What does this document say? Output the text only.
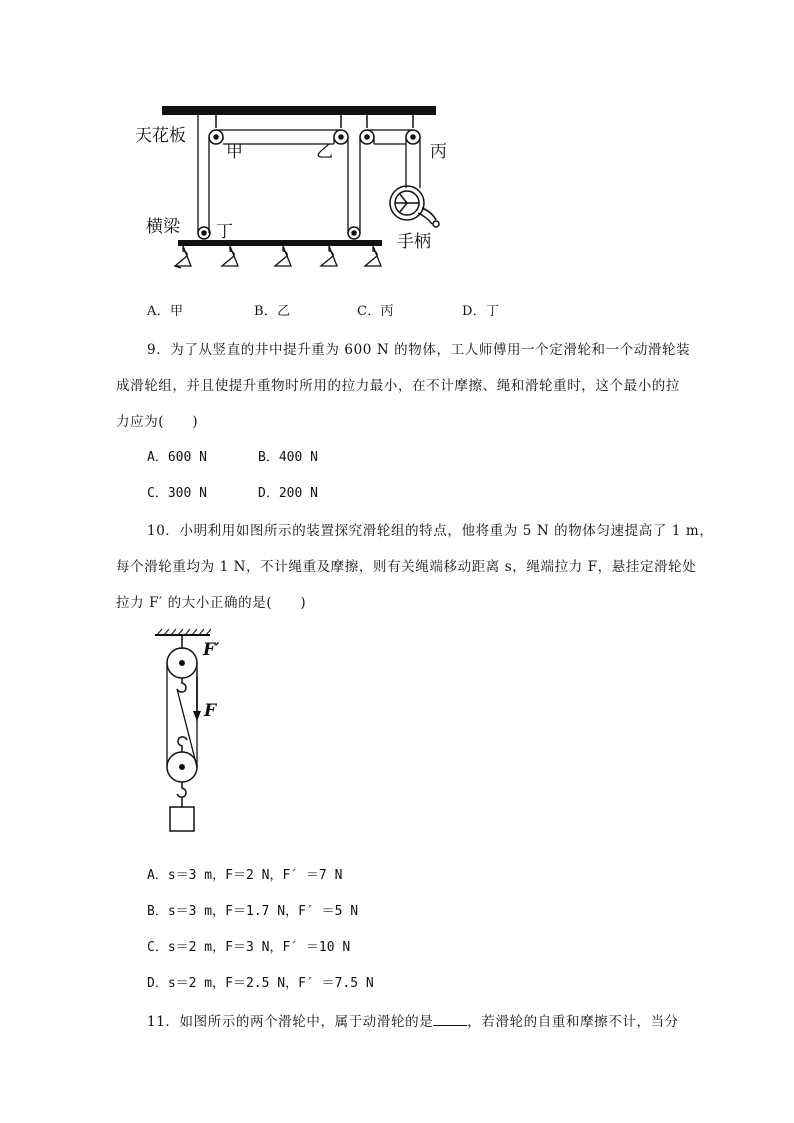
天花板
甲	乙	丙
横梁 丁	手柄
A．甲	B．乙	C．丙	D．丁
9．为了从竖直的井中提升重为 600 N 的物体，工人师傅用一个定滑轮和一个动滑轮装
成滑轮组，并且使提升重物时所用的拉力最小，在不计摩擦、绳和滑轮重时，这个最小的拉
力应为(　　)
A．600 N	B．400 N
C．300 N	D．200 N
10．小明利用如图所示的装置探究滑轮组的特点，他将重为 5 N 的物体匀速提高了 1 m，
每个滑轮重均为 1 N，不计绳重及摩擦，则有关绳端移动距离 s，绳端拉力 F，悬挂定滑轮处
拉力 F′ 的大小正确的是(　　)
F′
F
A．s＝3 m，F＝2 N，F′ ＝7 N
B．s＝3 m，F＝1.7 N，F′ ＝5 N
C．s＝2 m，F＝3 N，F′ ＝10 N
D．s＝2 m，F＝2.5 N，F′ ＝7.5 N
11．如图所示的两个滑轮中，属于动滑轮的是	，若滑轮的自重和摩擦不计，当分
